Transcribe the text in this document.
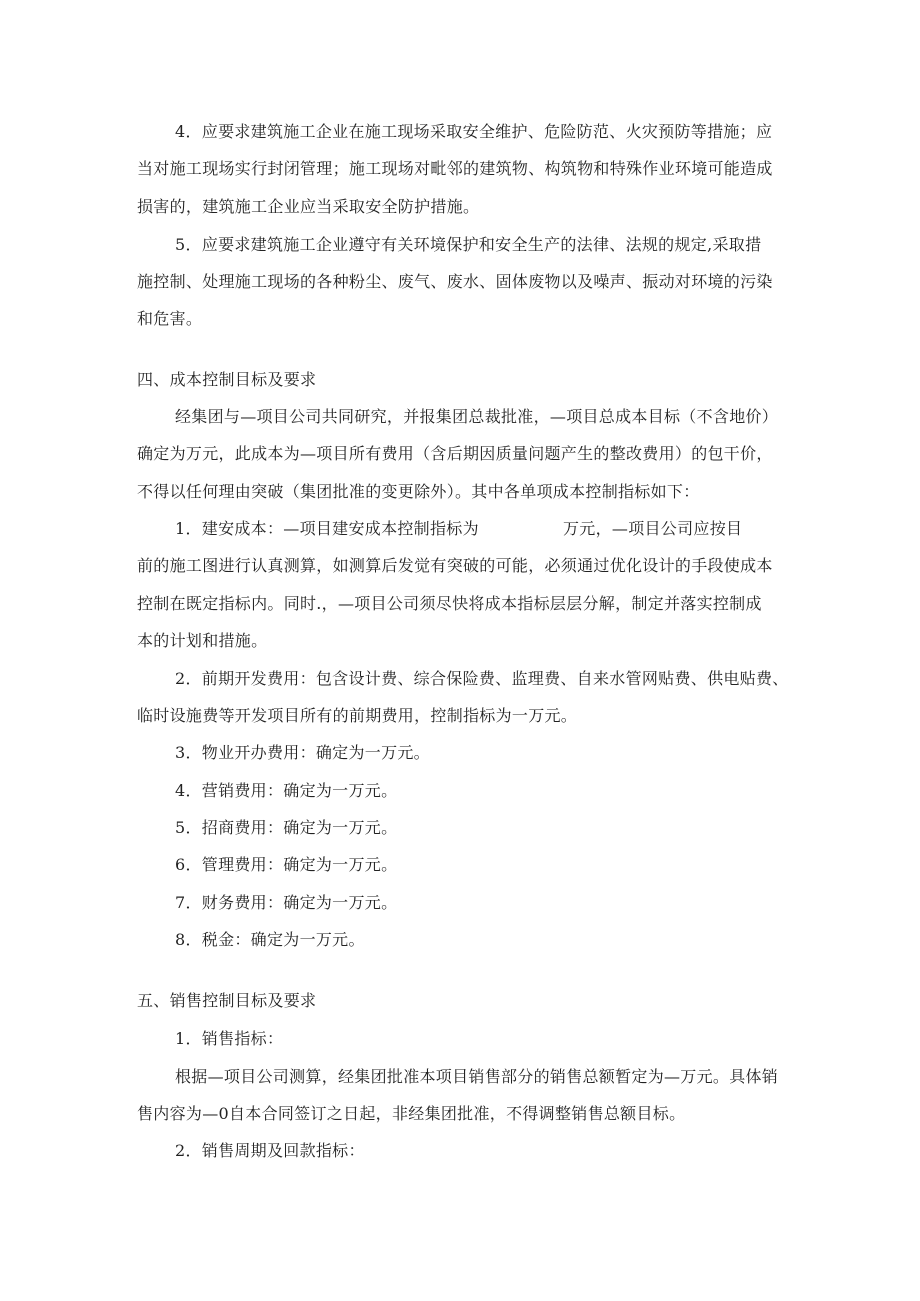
4．应要求建筑施工企业在施工现场采取安全维护、危险防范、火灾预防等措施；应
当对施工现场实行封闭管理；施工现场对毗邻的建筑物、构筑物和特殊作业环境可能造成
损害的，建筑施工企业应当采取安全防护措施。
5．应要求建筑施工企业遵守有关环境保护和安全生产的法律、法规的规定,采取措
施控制、处理施工现场的各种粉尘、废气、废水、固体废物以及噪声、振动对环境的污染
和危害。
四、成本控制目标及要求
经集团与—项目公司共同研究，并报集团总裁批准，—项目总成本目标（不含地价）
确定为万元，此成本为—项目所有费用（含后期因质量问题产生的整改费用）的包干价，
不得以任何理由突破（集团批准的变更除外）。其中各单项成本控制指标如下：
1．建安成本：—项目建安成本控制指标为	万元，—项目公司应按目
前的施工图进行认真测算，如测算后发觉有突破的可能，必须通过优化设计的手段使成本
控制在既定指标内。同时.，—项目公司须尽快将成本指标层层分解，制定并落实控制成
本的计划和措施。
2．前期开发费用：包含设计费、综合保险费、监理费、自来水管网贴费、供电贴费、
临时设施费等开发项目所有的前期费用，控制指标为一万元。
3．物业开办费用：确定为一万元。
4．营销费用：确定为一万元。
5．招商费用：确定为一万元。
6．管理费用：确定为一万元。
7．财务费用：确定为一万元。
8．税金：确定为一万元。
五、销售控制目标及要求
1．销售指标：
根据—项目公司测算，经集团批准本项目销售部分的销售总额暂定为—万元。具体销
售内容为—0自本合同签订之日起，非经集团批准，不得调整销售总额目标。
2．销售周期及回款指标：
